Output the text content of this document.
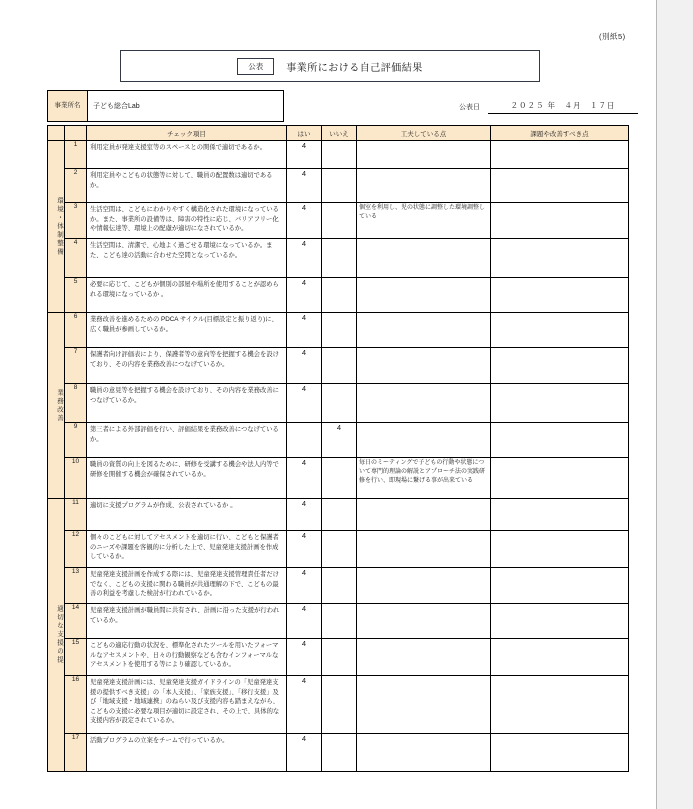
(別紙5)
公表	事業所における自己評価結果
事業所名	子ども総合Lab	公表日	２０２５ 年　４月　１７日
		チェック項目	はい	いいえ	工夫している点	課題や改善すべき点
環境・体制整備	1	利用定員が発達支援室等のスペースとの関係で適切であるか。	4			
	2	利用定員やこどもの状態等に対して、職員の配置数は適切であるか。	4			
	3	生活空間は、こどもにわかりやすく構造化された環境になっているか。また、事業所の設備等は、障害の特性に応じ、バリアフリー化や情報伝達等、環境上の配慮が適切になされているか。	4		個室を利用し、児の状態に調整した環境調整している	
	4	生活空間は、清潔で、心地よく過ごせる環境になっているか。また、こども達の活動に合わせた空間となっているか。	4			
	5	必要に応じて、こどもが個別の部屋や場所を使用することが認められる環境になっているか 。	4			
業務改善	6	業務改善を進めるための PDCA サイクル(目標設定と振り返り)に、広く職員が参画しているか。	4			
	7	保護者向け評価表により、保護者等の意向等を把握する機会を設けており、その内容を業務改善につなげているか。	4			
	8	職員の意見等を把握する機会を設けており、その内容を業務改善につなげているか。	4			
	9	第三者による外部評価を行い、評価結果を業務改善につなげているか。		4		
	10	職員の資質の向上を図るために、研修を受講する機会や法人内等で研修を開催する機会が確保されているか。	4		毎日のミーティングで子どもの行動や状態について専門的理論の解説とアプローチ法の実践研修を行い、即現場に繋げる事が出来ている	
適切な支援の提	11	適切に支援プログラムが作成、公表されているか 。	4			
	12	個々のこどもに対してアセスメントを適切に行い、こどもと保護者のニーズや課題を客観的に分析した上で、児童発達支援計画を作成しているか。	4			
	13	児童発達支援計画を作成する際には、児童発達支援管理責任者だけでなく、こどもの支援に関わる職員が共通理解の下で、こどもの最善の利益を考慮した検討が行われているか。	4			
	14	児童発達支援計画が職員間に共有され、計画に沿った支援が行われているか。	4			
	15	こどもの適応行動の状況を、標準化されたツールを用いたフォーマルなアセスメントや、日々の行動観察なども含むインフォーマルなアセスメントを使用する等により確認しているか。	4			
	16	児童発達支援計画には、児童発達支援ガイドラインの「児童発達支援の提供すべき支援」の「本人支援」、「家族支援」、「移行支援」及び「地域支援・地域連携」のねらい及び支援内容も踏まえながら、こどもの支援に必要な項目が適切に設定され、その上で、具体的な支援内容が設定されているか。	4			
	17	活動プログラムの立案をチームで行っているか。	4			
